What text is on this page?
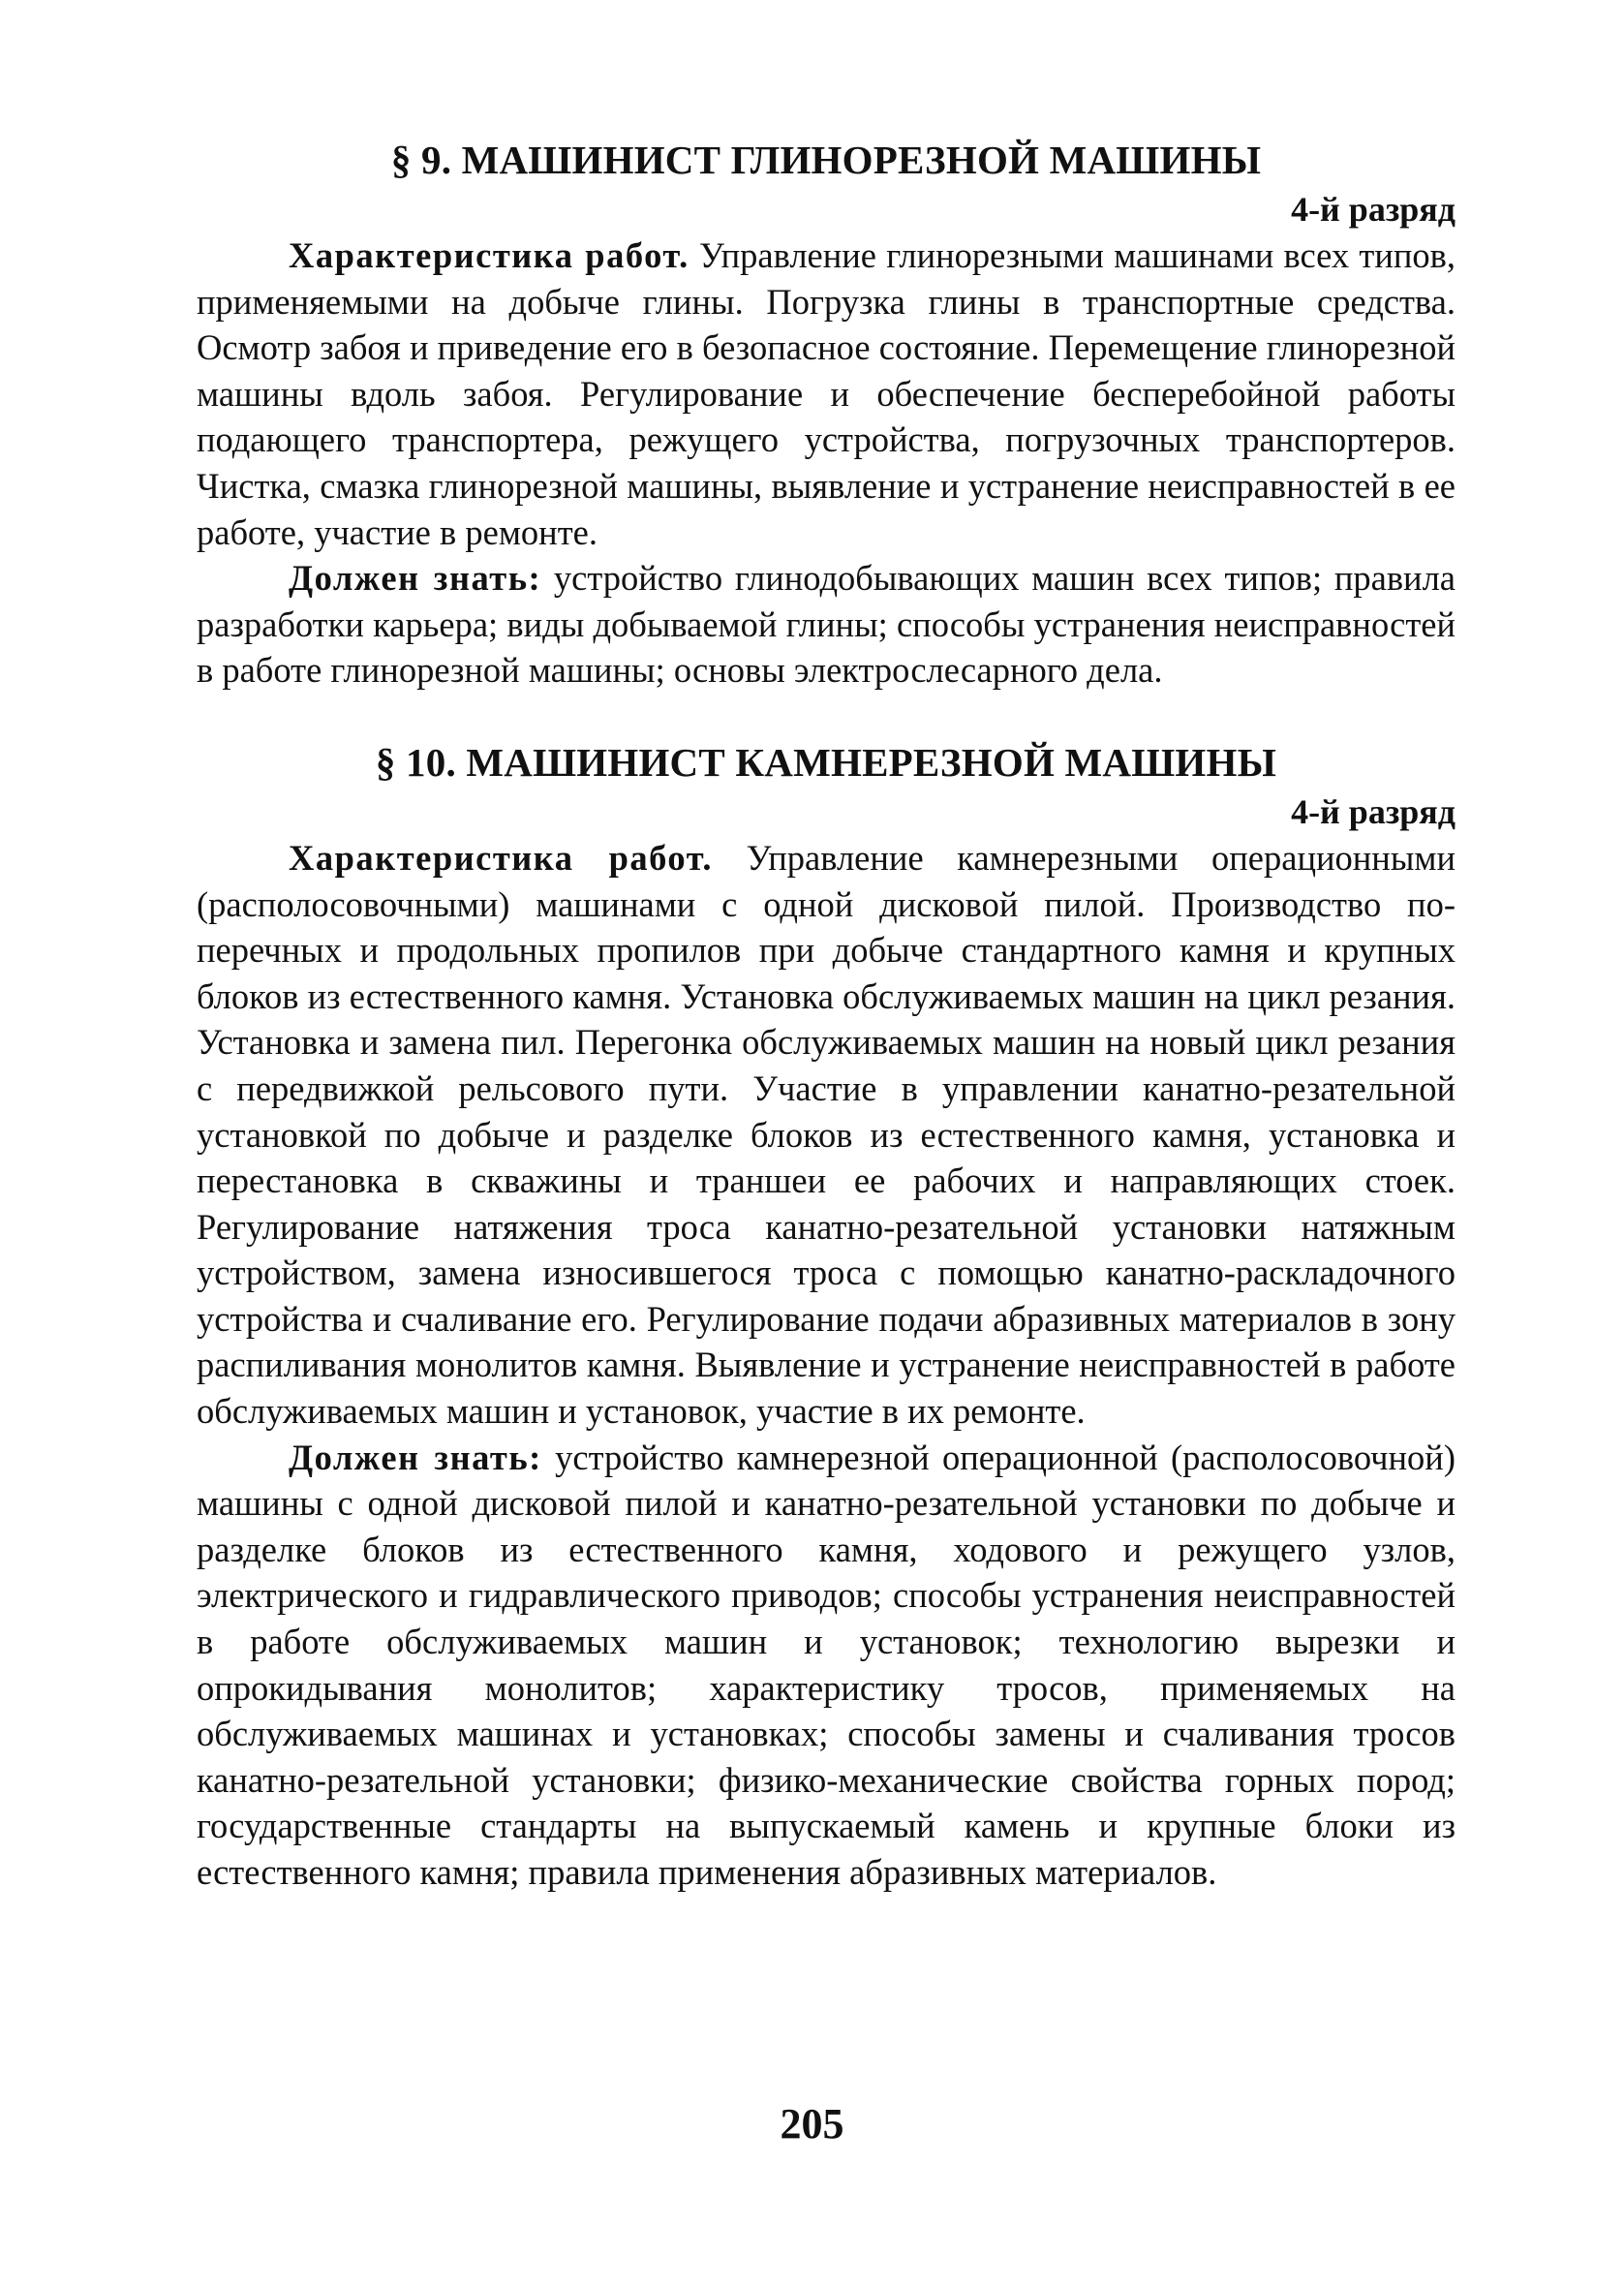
§ 9. МАШИНИСТ ГЛИНОРЕЗНОЙ МАШИНЫ
4-й разряд

Характеристика работ. Управление глинорезными машинами всех типов, применяемыми на добыче глины. Погрузка глины в транспортные средства. Осмотр забоя и приведение его в безопасное состояние. Перемещение глинорезной машины вдоль забоя. Регулирование и обеспечение бесперебойной работы подающего транспортера, режущего устройства, погрузочных транспортеров. Чистка, смазка глинорезной машины, выявление и устранение неисправностей в ее работе, участие в ремонте.

Должен знать: устройство глинодобывающих машин всех типов; правила разработки карьера; виды добываемой глины; способы устранения неисправностей в работе глинорезной машины; основы электрослесарного дела.

§ 10. МАШИНИСТ КАМНЕРЕЗНОЙ МАШИНЫ
4-й разряд

Характеристика работ. Управление камнерезными операционными (располосовочными) машинами с одной дисковой пилой. Производство поперечных и продольных пропилов при добыче стандартного камня и крупных блоков из естественного камня. Установка обслуживаемых машин на цикл резания. Установка и замена пил. Перегонка обслуживаемых машин на новый цикл резания с передвижкой рельсового пути. Участие в управлении канатно-резательной установкой по добыче и разделке блоков из естественного камня, установка и перестановка в скважины и траншеи ее рабочих и направляющих стоек. Регулирование натяжения троса канатно-резательной установки натяжным устройством, замена износившегося троса с помощью канатно-раскладочного устройства и счаливание его. Регулирование подачи абразивных материалов в зону распиливания монолитов камня. Выявление и устранение неисправностей в работе обслуживаемых машин и установок, участие в их ремонте.

Должен знать: устройство камнерезной операционной (располосовочной) машины с одной дисковой пилой и канатно-резательной установки по добыче и разделке блоков из естественного камня, ходового и режущего узлов, электрического и гидравлического приводов; способы устранения неисправностей в работе обслуживаемых машин и установок; технологию вырезки и опрокидывания монолитов; характеристику тросов, применяемых на обслуживаемых машинах и установках; способы замены и счаливания тросов канатно-резательной установки; физико-механические свойства горных пород; государственные стандарты на выпускаемый камень и крупные блоки из естественного камня; правила применения абразивных материалов.

205
